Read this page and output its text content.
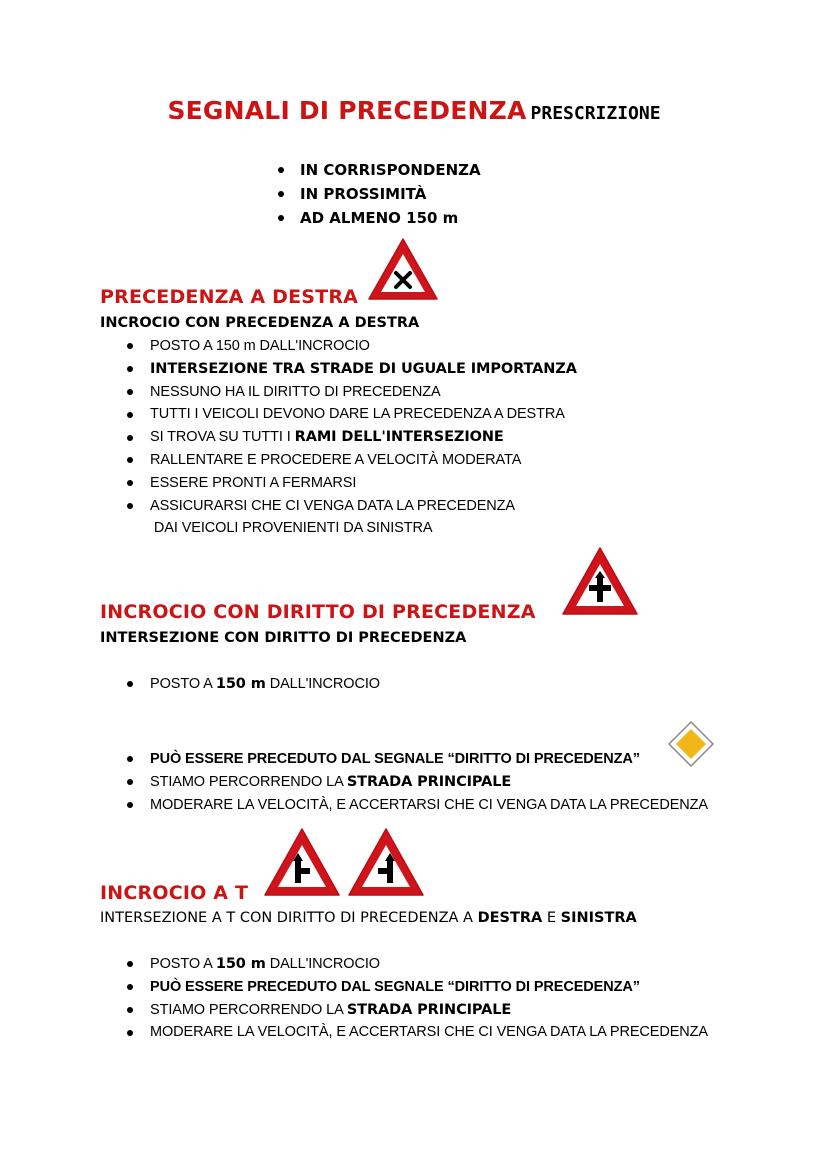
SEGNALI DI PRECEDENZA PRESCRIZIONE
IN CORRISPONDENZA
IN PROSSIMITÀ
AD ALMENO 150 m
PRECEDENZA A DESTRA
INCROCIO CON PRECEDENZA A DESTRA
POSTO A 150 m DALL'INCROCIO
INTERSEZIONE TRA STRADE DI UGUALE IMPORTANZA
NESSUNO HA IL DIRITTO DI PRECEDENZA
TUTTI I VEICOLI DEVONO DARE LA PRECEDENZA A DESTRA
SI TROVA SU TUTTI I RAMI DELL'INTERSEZIONE
RALLENTARE E PROCEDERE A VELOCITÀ MODERATA
ESSERE PRONTI A FERMARSI
ASSICURARSI CHE CI VENGA DATA LA PRECEDENZA
DAI VEICOLI PROVENIENTI DA SINISTRA
INCROCIO CON DIRITTO DI PRECEDENZA
INTERSEZIONE CON DIRITTO DI PRECEDENZA
POSTO A 150 m DALL'INCROCIO
PUÒ ESSERE PRECEDUTO DAL SEGNALE “DIRITTO DI PRECEDENZA”
STIAMO PERCORRENDO LA STRADA PRINCIPALE
MODERARE LA VELOCITÀ, E ACCERTARSI CHE CI VENGA DATA LA PRECEDENZA
INCROCIO A T
INTERSEZIONE A T CON DIRITTO DI PRECEDENZA A DESTRA E SINISTRA
POSTO A 150 m DALL'INCROCIO
PUÒ ESSERE PRECEDUTO DAL SEGNALE “DIRITTO DI PRECEDENZA”
STIAMO PERCORRENDO LA STRADA PRINCIPALE
MODERARE LA VELOCITÀ, E ACCERTARSI CHE CI VENGA DATA LA PRECEDENZA
